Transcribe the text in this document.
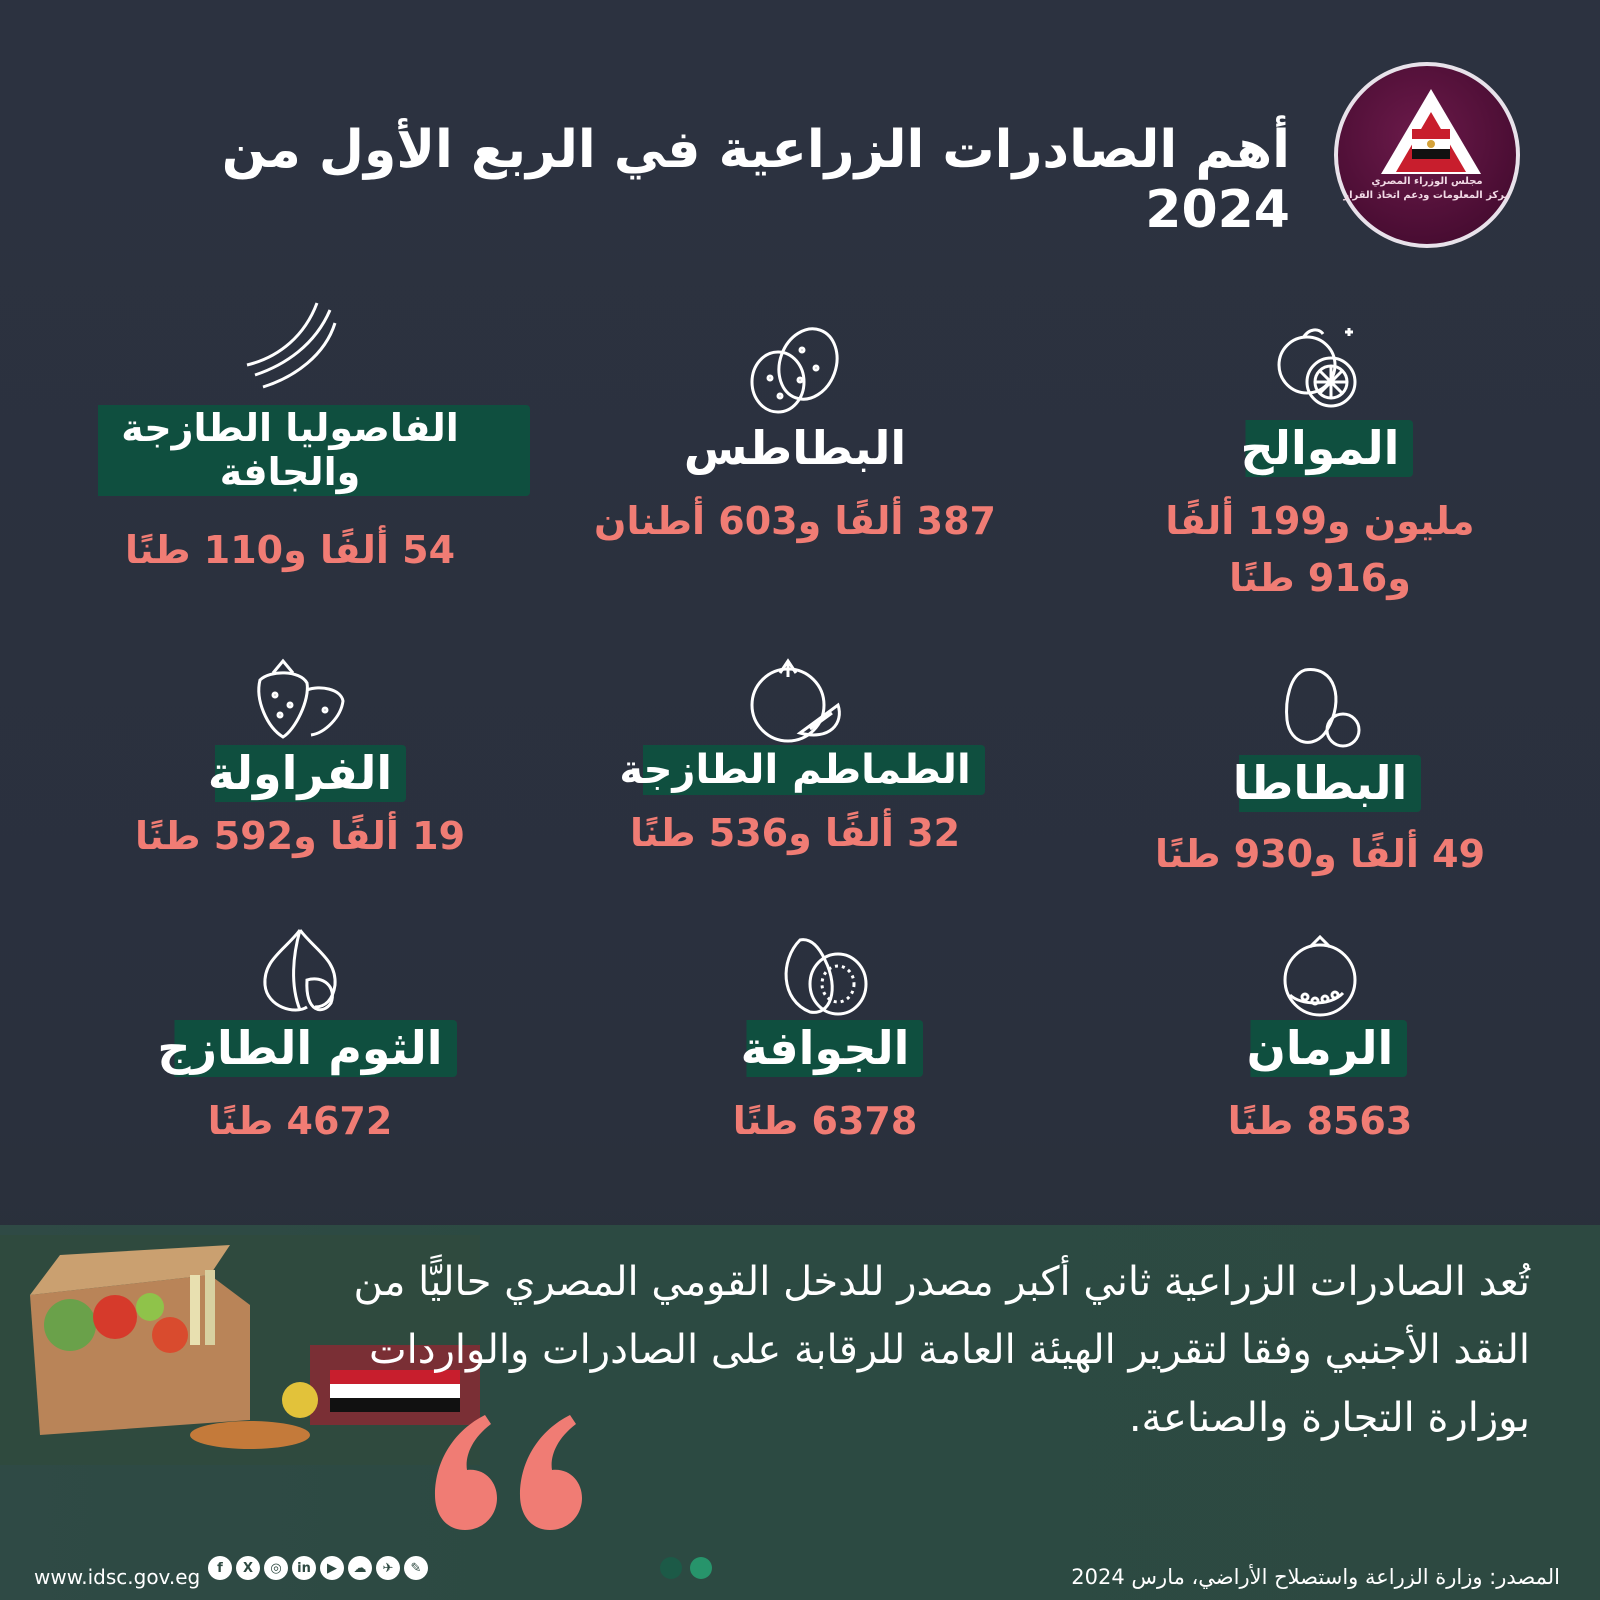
أهم الصادرات الزراعية في الربع الأول من 2024	مجلس الوزراء المصري
مركز المعلومات ودعم اتخاذ القرار
الموالح
مليون و199 ألفًا
و916 طنًا
البطاطس
387 ألفًا و603 أطنان
الفاصوليا الطازجة والجافة
54 ألفًا و110 طنًا
البطاطا
49 ألفًا و930 طنًا
الطماطم الطازجة
32 ألفًا و536 طنًا
الفراولة
19 ألفًا و592 طنًا
الرمان
8563 طنًا
الجوافة
6378 طنًا
الثوم الطازج
4672 طنًا
تُعد الصادرات الزراعية ثاني أكبر مصدر للدخل القومي المصري حاليًّا من النقد الأجنبي وفقا لتقرير الهيئة العامة للرقابة على الصادرات والواردات بوزارة التجارة والصناعة.
المصدر: وزارة الزراعة واستصلاح الأراضي، مارس 2024
www.idsc.gov.eg	f	X	◎	in	▶	☁	✈	✎
